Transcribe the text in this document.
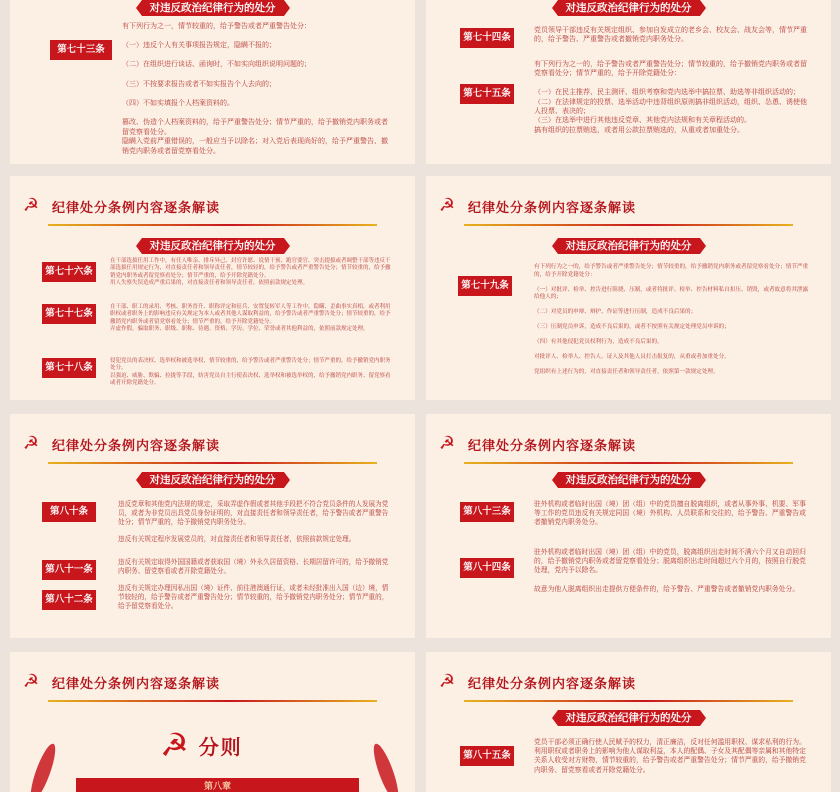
对违反政治纪律行为的处分
第七十三条
有下列行为之一，情节较重的，给予警告或者严重警告处分：

（一）违反个人有关事项报告规定，隐瞒不报的；

（二）在组织进行谈话、函询时，不如实向组织说明问题的；

（三）不按要求报告或者不如实报告个人去向的；

（四）不如实填报个人档案资料的。

篡改、伪造个人档案资料的，给予严重警告处分；情节严重的，给予撤销党内职务或者留党察看处分。
隐瞒入党前严重错误的，一般应当予以除名；对入党后表现尚好的，给予严重警告、撤销党内职务或者留党察看处分。
对违反政治纪律行为的处分
第七十四条
党员领导干部违反有关规定组织、参加自发成立的老乡会、校友会、战友会等，情节严重的，给予警告、严重警告或者撤销党内职务处分。
第七十五条
有下列行为之一的，给予警告或者严重警告处分；情节较重的，给予撤销党内职务或者留党察看处分；情节严重的，给予开除党籍处分：

（一）在民主推荐、民主测评、组织考察和党内选举中搞拉票、助选等非组织活动的；
（二）在法律规定的投票、选举活动中违背组织原则搞非组织活动，组织、怂恿、诱使他人投票、表决的；
（三）在选举中进行其他违反党章、其他党内法规和有关章程活动的。
搞有组织的拉票贿选，或者用公款拉票贿选的，从重或者加重处分。
☭ 纪律处分条例内容逐条解读
对违反政治纪律行为的处分
第七十六条
在干部选拔任用工作中，有任人唯亲、排斥异己、封官许愿、说情干预、跑官要官、突击提拔或者调整干部等违反干部选拔任用规定行为，对直接责任者和领导责任者，情节较轻的，给予警告或者严重警告处分；情节较重的，给予撤销党内职务或者留党察看处分；情节严重的，给予开除党籍处分。
用人失察失误造成严重后果的，对直接责任者和领导责任者，依照前款规定处理。
第七十七条
在干部、职工的录用、考核、职务晋升、职称评定和征兵、安置复转军人等工作中，隐瞒、歪曲事实真相，或者利用职权或者职务上的影响违反有关规定为本人或者其他人谋取利益的，给予警告或者严重警告处分；情节较重的，给予撤销党内职务或者留党察看处分；情节严重的，给予开除党籍处分。
弄虚作假，骗取职务、职级、职称、待遇、资格、学历、学位、荣誉或者其他利益的，依照前款规定处理。
第七十八条
侵犯党员的表决权、选举权和被选举权，情节较重的，给予警告或者严重警告处分；情节严重的，给予撤销党内职务处分。
以强迫、威胁、欺骗、拉拢等手段，妨害党员自主行使表决权、选举权和被选举权的，给予撤销党内职务、留党察看或者开除党籍处分。
☭ 纪律处分条例内容逐条解读
对违反政治纪律行为的处分
第七十九条
有下列行为之一的，给予警告或者严重警告处分；情节较重的，给予撤销党内职务或者留党察看处分；情节严重的，给予开除党籍处分：

（一）对批评、检举、控告进行阻挠、压制，或者将批评、检举、控告材料私自扣压、销毁，或者故意将其泄露给他人的；

（二）对党员的申辩、辩护、作证等进行压制，造成不良后果的；

（三）压制党员申诉，造成不良后果的，或者不按照有关规定处理党员申诉的；

（四）有其他侵犯党员权利行为，造成不良后果的。

对批评人、检举人、控告人、证人及其他人员打击报复的，从重或者加重处分。

党组织有上述行为的，对直接责任者和领导责任者，依照第一款规定处理。
☭ 纪律处分条例内容逐条解读
对违反政治纪律行为的处分
第八十条
违反党章和其他党内法规的规定，采取弄虚作假或者其他手段把不符合党员条件的人发展为党员，或者为非党员出具党员身份证明的，对直接责任者和领导责任者，给予警告或者严重警告处分；情节严重的，给予撤销党内职务处分。

违反有关规定程序发展党员的，对直接责任者和领导责任者，依照前款规定处理。
第八十一条
违反有关规定取得外国国籍或者获取国（境）外永久居留资格、长期居留许可的，给予撤销党内职务、留党察看或者开除党籍处分。
第八十二条
违反有关规定办理因私出国（境）证件、前往港澳通行证，或者未经批准出入国（边）境，情节较轻的，给予警告或者严重警告处分；情节较重的，给予撤销党内职务处分；情节严重的，给予留党察看处分。
☭ 纪律处分条例内容逐条解读
对违反政治纪律行为的处分
第八十三条
驻外机构或者临时出国（境）团（组）中的党员擅自脱离组织，或者从事外事、机要、军事等工作的党员违反有关规定同国（境）外机构、人员联系和交往的，给予警告、严重警告或者撤销党内职务处分。
第八十四条
驻外机构或者临时出国（境）团（组）中的党员，脱离组织出走时间不满六个月又自动回归的，给予撤销党内职务或者留党察看处分；脱离组织出走时间超过六个月的，按照自行脱党处理，党内予以除名。

故意为他人脱离组织出走提供方便条件的，给予警告、严重警告或者撤销党内职务处分。
☭ 纪律处分条例内容逐条解读
☭ 分则
第八章
☭ 纪律处分条例内容逐条解读
对违反政治纪律行为的处分
第八十五条
党员干部必须正确行使人民赋予的权力，清正廉洁，反对任何滥用职权、谋求私利的行为。
利用职权或者职务上的影响为他人谋取利益，本人的配偶、子女及其配偶等亲属和其他特定关系人收受对方财物，情节较重的，给予警告或者严重警告处分；情节严重的，给予撤销党内职务、留党察看或者开除党籍处分。
